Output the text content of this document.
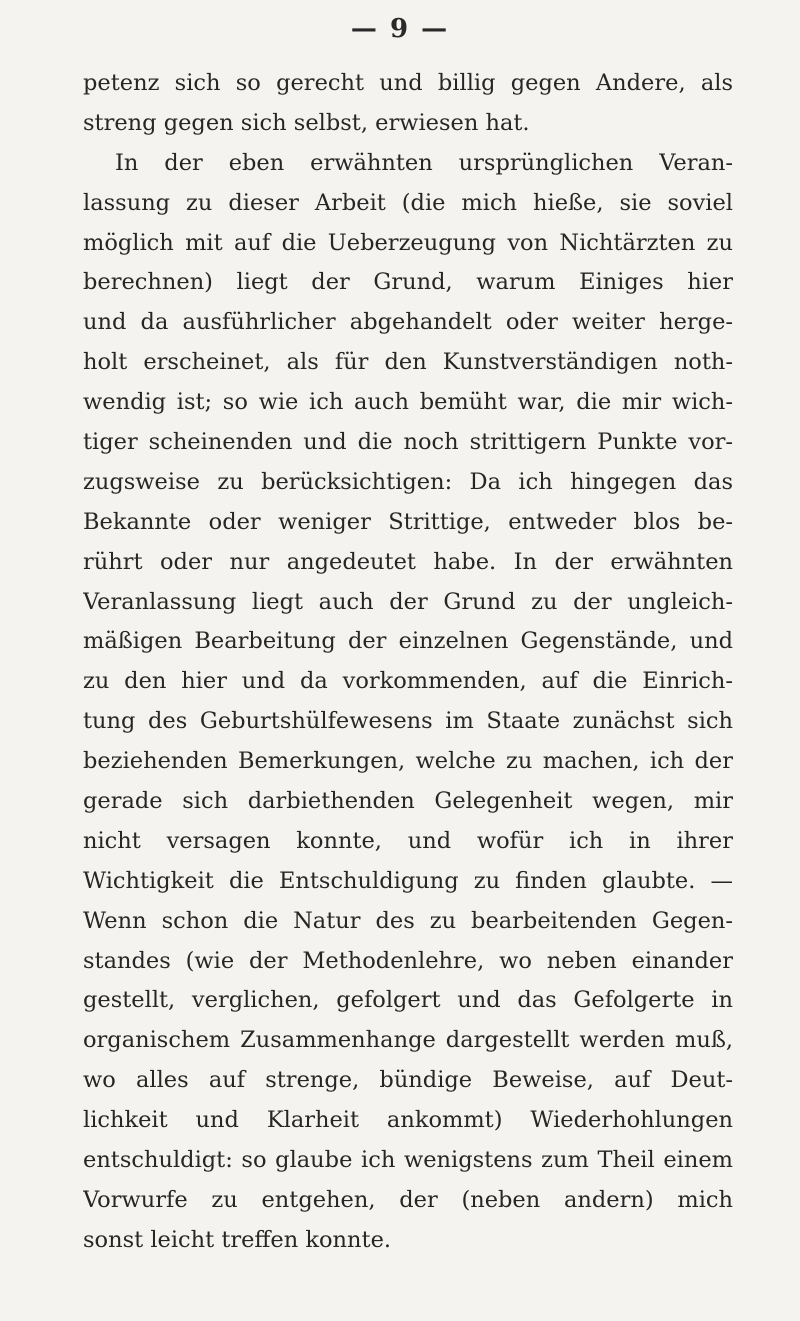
— 9 —
petenz sich so gerecht und billig gegen Andere, als
streng gegen sich selbst, erwiesen hat.
In der eben erwähnten ursprünglichen Veran-
lassung zu dieser Arbeit (die mich hieße, sie soviel
möglich mit auf die Ueberzeugung von Nichtärzten zu
berechnen) liegt der Grund, warum Einiges hier
und da ausführlicher abgehandelt oder weiter herge-
holt erscheinet, als für den Kunstverständigen noth-
wendig ist; so wie ich auch bemüht war, die mir wich-
tiger scheinenden und die noch strittigern Punkte vor-
zugsweise zu berücksichtigen: Da ich hingegen das
Bekannte oder weniger Strittige, entweder blos be-
rührt oder nur angedeutet habe. In der erwähnten
Veranlassung liegt auch der Grund zu der ungleich-
mäßigen Bearbeitung der einzelnen Gegenstände, und
zu den hier und da vorkommenden, auf die Einrich-
tung des Geburtshülfewesens im Staate zunächst sich
beziehenden Bemerkungen, welche zu machen, ich der
gerade sich darbiethenden Gelegenheit wegen, mir
nicht versagen konnte, und wofür ich in ihrer
Wichtigkeit die Entschuldigung zu finden glaubte. —
Wenn schon die Natur des zu bearbeitenden Gegen-
standes (wie der Methodenlehre, wo neben einander
gestellt, verglichen, gefolgert und das Gefolgerte in
organischem Zusammenhange dargestellt werden muß,
wo alles auf strenge, bündige Beweise, auf Deut-
lichkeit und Klarheit ankommt) Wiederhohlungen
entschuldigt: so glaube ich wenigstens zum Theil einem
Vorwurfe zu entgehen, der (neben andern) mich
sonst leicht treffen konnte.
